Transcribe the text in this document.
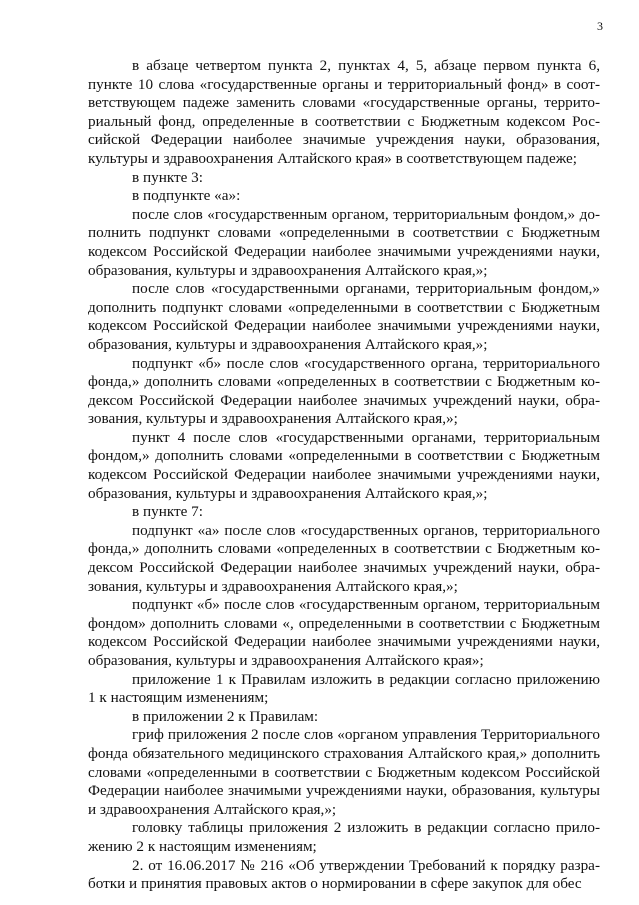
3

в абзаце четвертом пункта 2, пунктах 4, 5, абзаце первом пункта 6, пункте 10 слова «государственные органы и территориальный фонд» в соответствующем падеже заменить словами «государственные органы, территориальный фонд, определенные в соответствии с Бюджетным кодексом Российской Федерации наиболее значимые учреждения науки, образования, культуры и здравоохранения Алтайского края» в соответствующем падеже;

в пункте 3:

в подпункте «а»:

после слов «государственным органом, территориальным фондом,» дополнить подпункт словами «определенными в соответствии с Бюджетным кодексом Российской Федерации наиболее значимыми учреждениями науки, образования, культуры и здравоохранения Алтайского края,»;

после слов «государственными органами, территориальным фондом,» дополнить подпункт словами «определенными в соответствии с Бюджетным кодексом Российской Федерации наиболее значимыми учреждениями науки, образования, культуры и здравоохранения Алтайского края,»;

подпункт «б» после слов «государственного органа, территориального фонда,» дополнить словами «определенных в соответствии с Бюджетным кодексом Российской Федерации наиболее значимых учреждений науки, образования, культуры и здравоохранения Алтайского края,»;

пункт 4 после слов «государственными органами, территориальным фондом,» дополнить словами «определенными в соответствии с Бюджетным кодексом Российской Федерации наиболее значимыми учреждениями науки, образования, культуры и здравоохранения Алтайского края,»;

в пункте 7:

подпункт «а» после слов «государственных органов, территориального фонда,» дополнить словами «определенных в соответствии с Бюджетным кодексом Российской Федерации наиболее значимых учреждений науки, образования, культуры и здравоохранения Алтайского края,»;

подпункт «б» после слов «государственным органом, территориальным фондом» дополнить словами «, определенными в соответствии с Бюджетным кодексом Российской Федерации наиболее значимыми учреждениями науки, образования, культуры и здравоохранения Алтайского края»;

приложение 1 к Правилам изложить в редакции согласно приложению 1 к настоящим изменениям;

в приложении 2 к Правилам:

гриф приложения 2 после слов «органом управления Территориального фонда обязательного медицинского страхования Алтайского края,» дополнить словами «определенными в соответствии с Бюджетным кодексом Российской Федерации наиболее значимыми учреждениями науки, образования, культуры и здравоохранения Алтайского края,»;

головку таблицы приложения 2 изложить в редакции согласно приложению 2 к настоящим изменениям;

2. от 16.06.2017 № 216 «Об утверждении Требований к порядку разработки и принятия правовых актов о нормировании в сфере закупок для обес
